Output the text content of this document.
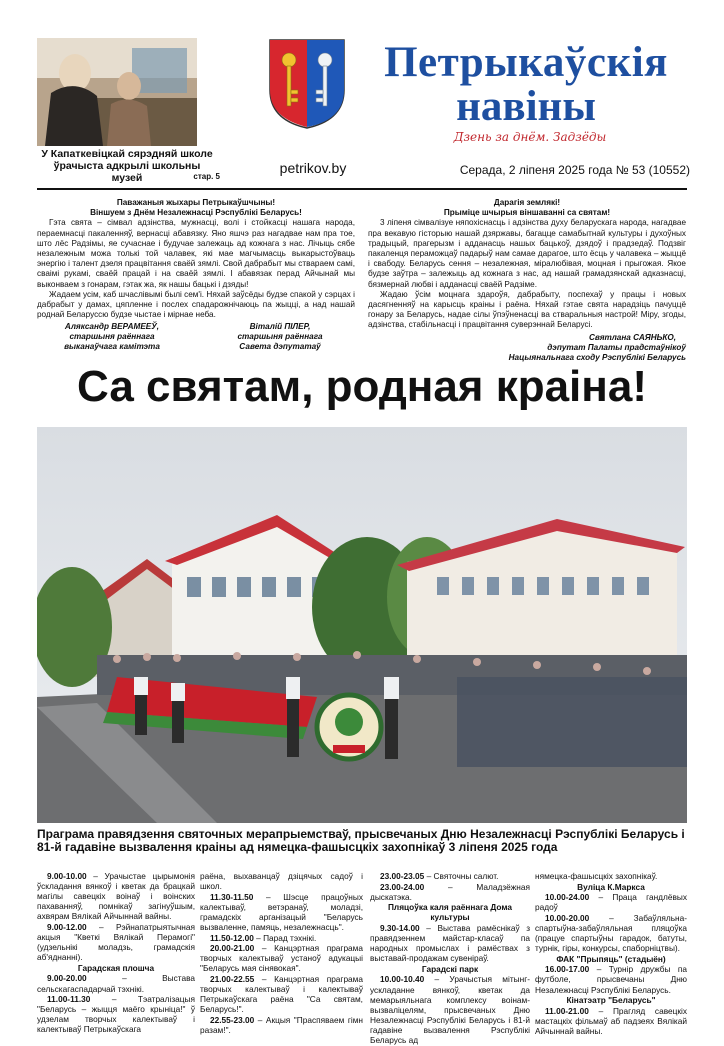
У Капаткевіцкай сярэдняй школе ўрачыста адкрылі школьны музей	стар. 5
petrikov.by
Петрыкаўскія
навіны
Дзень за днём. Задзёды
Серада, 2 ліпеня 2025 года № 53 (10552)
Паважаныя жыхары Петрыкаўшчыны!
Віншуем з Днём Незалежнасці Рэспублікі Беларусь!

Гэта свята – сімвал адзінства, мужнасці, волі і стойкасці нашага народа, пераемнасці пакаленняў, вернасці абавязку. Яно яшчэ раз нагадвае нам пра тое, што лёс Радзімы, яе сучаснае і будучае залежаць ад кожнага з нас. Лічыць сябе незалежным можа толькі той чалавек, які мае магчымасць выкарыстоўваць энергію і талент дзеля працвітання сваёй зямлі. Свой дабрабыт мы ствараем самі, сваімі рукамі, сваёй працай і на сваёй зямлі. І абавязак перад Айчынай мы выконваем з гонарам, гэтак жа, як нашы бацькі і дзяды!

Жадаем усім, каб шчаслівымі былі сем'і. Няхай заўсёды будзе спакой у сэрцах і дабрабыт у дамах, цяпленне і послех спадарожнічаюць па жыцці, а над нашай роднай Беларуссю будзе чыстае і мірнае неба.

Аляксандр ВЕРАМЕЕЎ,
старшыня раённага
выканаўчага камітэта
Віталій ПІЛЕР,
старшыня раённага
Савета дэпутатаў
Дарагія землякі!
Прыміце шчырыя віншаванні са святам!

3 ліпеня сімвалізуе няпохіснасць і адзінства духу беларускага народа, нагадвае пра векавую гісторыю нашай дзяржавы, багацце самабытнай культуры і духоўных традыцый, прагерызм і адданасць нашых бацькоў, дзядоў і прадзедаў. Подзвіг пакаленця пераможцаў падарыў нам самае дарагое, што ёсць у чалавека – жыццё і свабоду. Беларусь сення – незалежная, міралюбівая, моцная і прыгожая. Якое будзе заўтра – залежыць ад кожнага з нас, ад нашай грамадзянскай адказнасці, бязмернай любві і адданасці сваёй Радзіме.

Жадаю ўсім моцнага здароўя, дабрабыту, поспехаў у працы і новых дасягненняў на карысць краіны і раёна. Няхай гэтае свята нарадзіць пачуццё гонару за Беларусь, надае сілы ўпэўненасці ва стваральныя настрой! Міру, згоды, адзінства, стабільнасці і працвітання суверэннай Беларусі.

Святлана САЯНЬКО,
дэпутат Палаты прадстаўнікоў
Нацыянальнага сходу Рэспублікі Беларусь
Са святам, родная краіна!
Праграма правядзення святочных мерапрыемстваў, прысвечаных Дню Незалежнасці Рэспублікі Беларусь і 81-й гадавіне вызвалення краіны ад нямецка-фашысцкіх захопнікаў 3 ліпеня 2025 года

9.00-10.00 – Урачыстае цырымонія ўскладання вянкоў і кветак да брацкай магілы савецкіх воінаў і воінских пахаванняў, помнікаў загінуўшым, ахвярам Вялікай Айчыннай вайны.

9.00-12.00 – Рэйнапатрыятычная акцыя "Кветкі Вялікай Перамогі" (удзельнікі моладзь, грамадскія аб'яднанні).

Гарадская плошча

9.00-20.00 – Выстава сельскагаспадарчай тэхнікі.

11.00-11.30 – Тэатралізацыя "Беларусь – жыцця маёго крыніца!" ў удзелам творчых калектываў і калектываў Петрыкаўскага

раёна, выхаванцаў дзіцячых садоў і школ.

11.30-11.50 – Шэсце працоўных калектываў, ветэранаў, моладзі, грамадскіх арганізацый "Беларусь вызваленне, памяць, незалежнасць".

11.50-12.00 – Парад тэхнікі.

20.00-21.00 – Канцэртная праграма творчых калектываў устаноў адукацыі "Беларусь мая сінявокая".

21.00-22.55 – Канцэртная праграма творчых калектываў і калектываў Петрыкаўскага раёна "Са святам, Беларусь!".

22.55-23.00 – Акцыя "Праспяваем гімн разам!".

23.00-23.05 – Святочны салют.

23.00-24.00 – Маладзёжная дыскатэка.

Пляцоўка каля раённага Дома культуры

9.30-14.00 – Выстава рамёснікаў з правядзеннем майстар-класаў па народных промыслах і рамёствах з выставай-продажам сувеніраў.

Гарадскі парк

10.00-10.40 – Урачыстыя мітынг-ускладанне вянкоў, кветак да мемарыяльнага комплексу воінам-вызваліцелям, прысвечаных Дню Незалежнасці Рэспублікі Беларусь і 81-й гадавіне вызвалення Рэспублікі Беларусь ад

нямецка-фашысцкіх захопнікаў.

Вуліца К.Маркса

10.00-24.00 – Праца гандлёвых радоў

10.00-20.00 – Забаўляльна-спартыўна-забаўляльная пляцоўка (працуе спартыўны гарадок, батуты, турнік, гіры, конкурсы, спаборніцтвы).

ФАК "Прыпяць" (стадыён)

16.00-17.00 – Турнір дружбы па футболе, прысвечаны Дню Незалежнасці Рэспублікі Беларусь.

Кінатэатр "Беларусь"

11.00-21.00 – Прагляд савецкіх мастацкіх фільмаў аб падзеях Вялікай Айчыннай вайны.
